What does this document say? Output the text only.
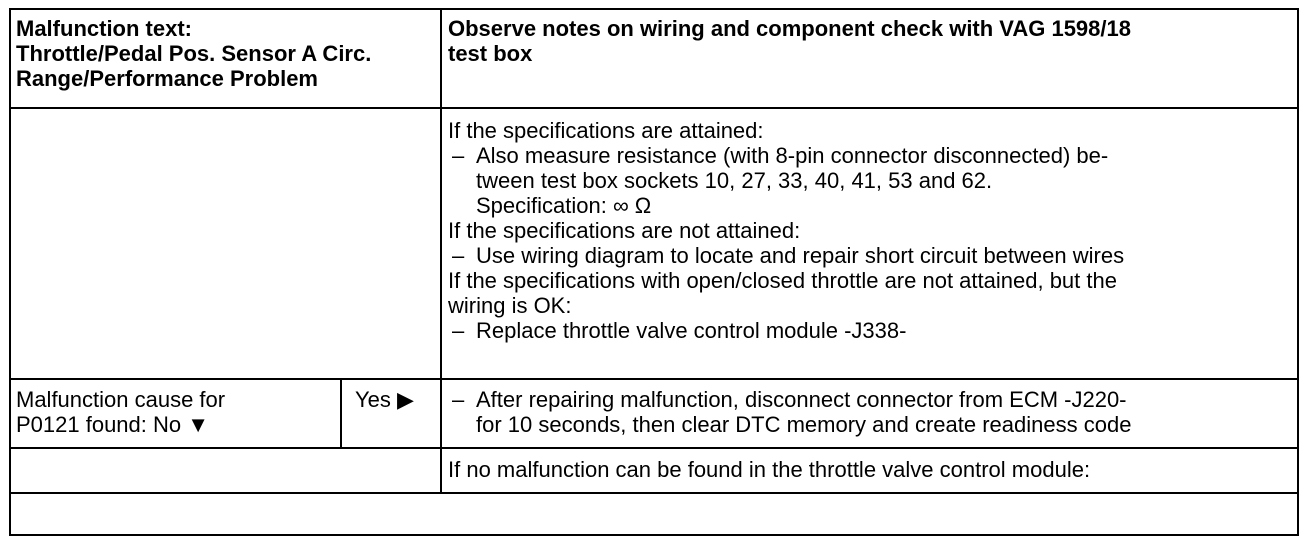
Malfunction text:
Throttle/Pedal Pos. Sensor A Circ.
Range/Performance Problem
Observe notes on wiring and component check with VAG 1598/18
test box
If the specifications are attained:
– Also measure resistance (with 8-pin connector disconnected) be-
tween test box sockets 10, 27, 33, 40, 41, 53 and 62.
Specification: ∞ Ω
If the specifications are not attained:
– Use wiring diagram to locate and repair short circuit between wires
If the specifications with open/closed throttle are not attained, but the
wiring is OK:
– Replace throttle valve control module -J338-
Malfunction cause for
P0121 found: No ▼
Yes ▶	– After repairing malfunction, disconnect connector from ECM -J220-
for 10 seconds, then clear DTC memory and create readiness code
If no malfunction can be found in the throttle valve control module:
